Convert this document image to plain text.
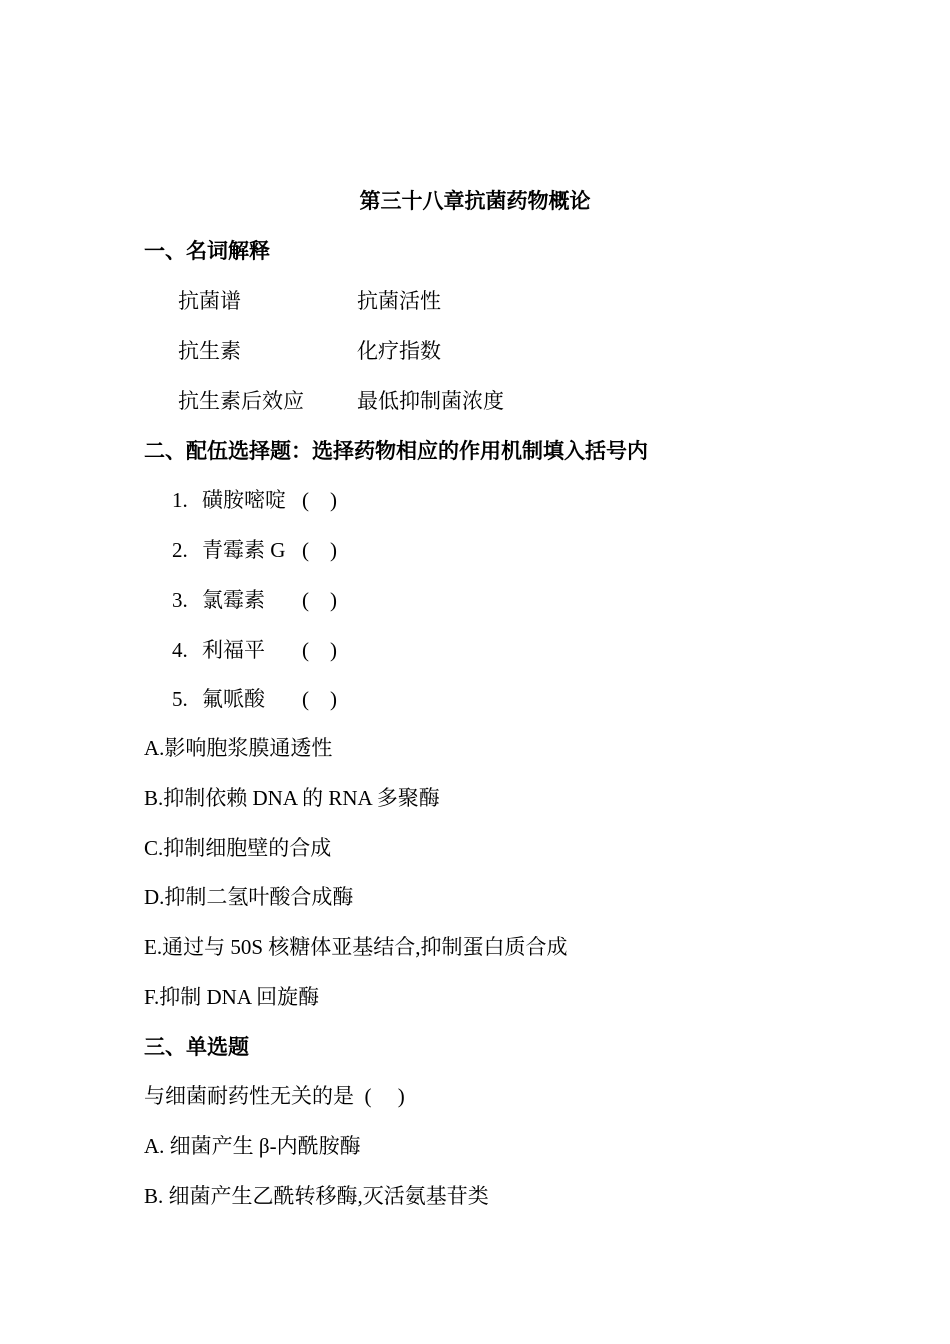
第三十八章抗菌药物概论
一、名词解释
抗菌谱	抗菌活性
抗生素	化疗指数
抗生素后效应	最低抑制菌浓度
二、配伍选择题：选择药物相应的作用机制填入括号内
1. 磺胺嘧啶 (    )
2. 青霉素 G (    )
3. 氯霉素 (    )
4. 利福平 (    )
5. 氟哌酸 (    )
A.影响胞浆膜通透性
B.抑制依赖 DNA 的 RNA 多聚酶
C.抑制细胞壁的合成
D.抑制二氢叶酸合成酶
E.通过与 50S 核糖体亚基结合,抑制蛋白质合成
F.抑制 DNA 回旋酶
三、单选题
与细菌耐药性无关的是  (     )
A. 细菌产生 β-内酰胺酶
B. 细菌产生乙酰转移酶,灭活氨基苷类
